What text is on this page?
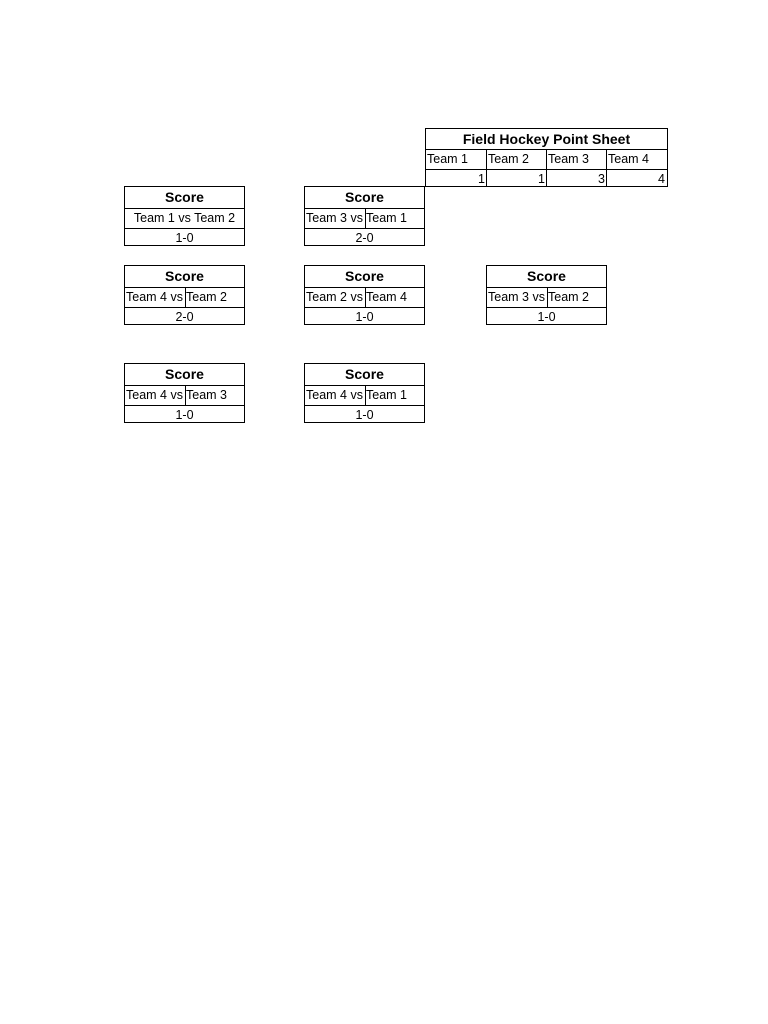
Field Hockey Point Sheet
Team 1	Team 2	Team 3	Team 4
1	1	3	4
Score
Team 1 vs Team 2
1-0
Score
Team 3 vs Team 1
2-0
Score
Team 4 vs Team 2
2-0
Score
Team 2 vs Team 4
1-0
Score
Team 3 vs Team 2
1-0
Score
Team 4 vs Team 3
1-0
Score
Team 4 vs Team 1
1-0
